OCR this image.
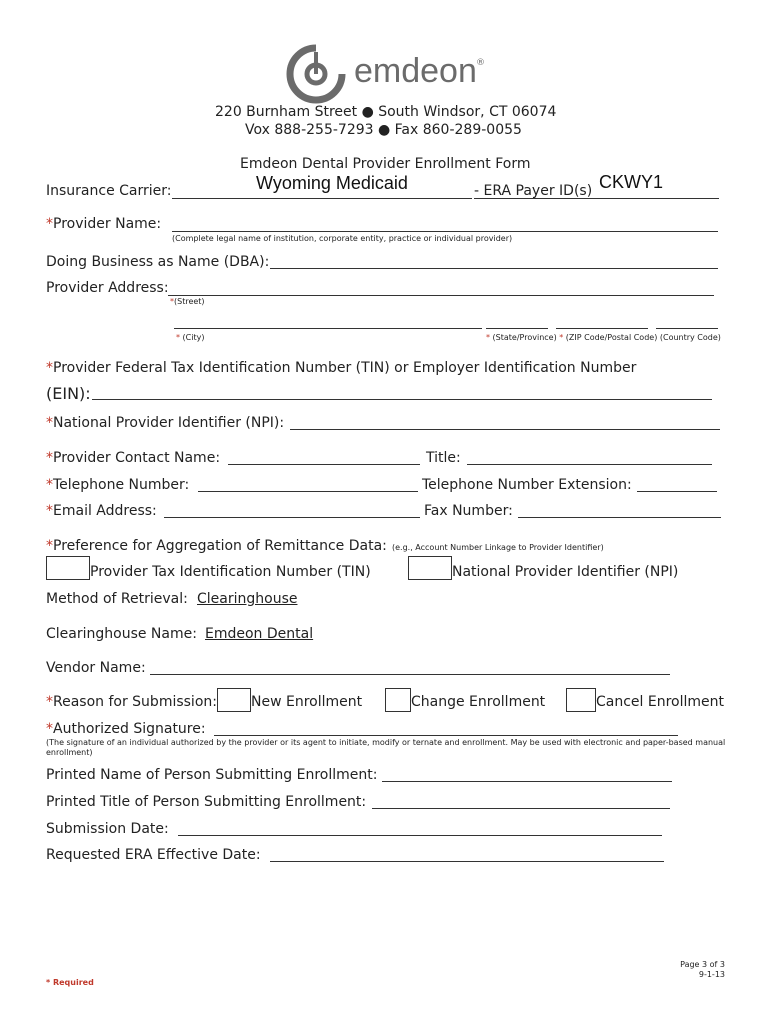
emdeon ®
220 Burnham Street ● South Windsor, CT 06074
Vox 888-255-7293 ● Fax 860-289-0055
Emdeon Dental Provider Enrollment Form
Insurance Carrier:	Wyoming Medicaid	- ERA Payer ID(s) CKWY1
*Provider Name:
(Complete legal name of institution, corporate entity, practice or individual provider)
Doing Business as Name (DBA):
Provider Address:
*(Street)
* (City)	* (State/Province) * (ZIP Code/Postal Code) (Country Code)
*Provider Federal Tax Identification Number (TIN) or Employer Identification Number
(EIN):
*National Provider Identifier (NPI):
*Provider Contact Name:	Title:
*Telephone Number:	Telephone Number Extension:
*Email Address:	Fax Number:
*Preference for Aggregation of Remittance Data: (e.g., Account Number Linkage to Provider Identifier)
Provider Tax Identification Number (TIN)	National Provider Identifier (NPI)
Method of Retrieval: Clearinghouse
Clearinghouse Name: Emdeon Dental
Vendor Name:
*Reason for Submission: New Enrollment	Change Enrollment	Cancel Enrollment
*Authorized Signature:
(The signature of an individual authorized by the provider or its agent to initiate, modify or ternate and enrollment. May be used with electronic and paper-based manual
enrollment)
Printed Name of Person Submitting Enrollment:
Printed Title of Person Submitting Enrollment:
Submission Date:
Requested ERA Effective Date:
Page 3 of 3
9-1-13
* Required
